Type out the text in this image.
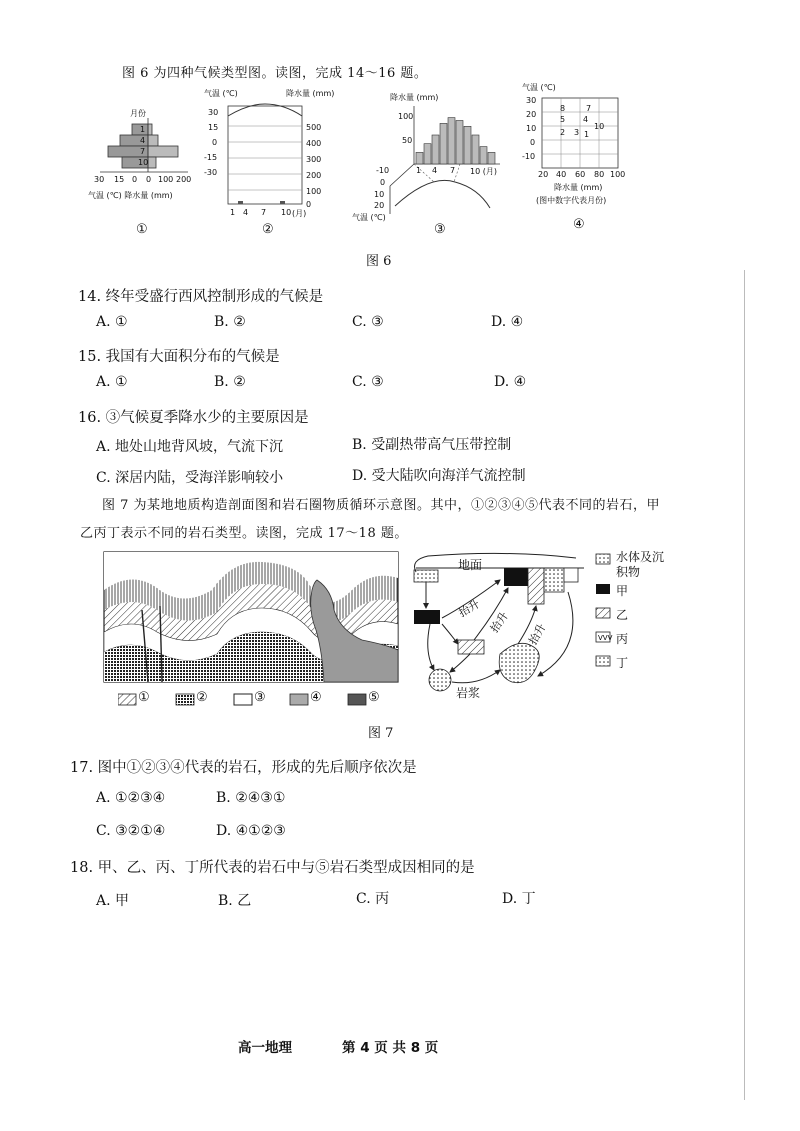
图 6 为四种气候类型图。读图，完成 14～16 题。
月份
1
4
7
10
30 15 0 0 100 200
气温 (℃) 降水量 (mm)
①
气温 (℃)	降水量 (mm)
30
15
0
-15
-30
500
400
300
200
100
0
1 4 7 10 (月)
②
降水量 (mm)
100
50
1 4 7 10 (月)
-10
0
10
20
气温 (℃)
③
气温 (℃)
30
20
10
0
-10
8	7
5 4
10
2 3 1
20 40 60 80 100
降水量 (mm)
(图中数字代表月份)
④
图 6
14. 终年受盛行西风控制形成的气候是
A. ①	B. ②	C. ③	D. ④
15. 我国有大面积分布的气候是
A. ①	B. ②	C. ③	D. ④
16. ③气候夏季降水少的主要原因是
A. 地处山地背风坡，气流下沉	B. 受副热带高气压带控制
C. 深居内陆，受海洋影响较小	D. 受大陆吹向海洋气流控制
图 7 为某地地质构造剖面图和岩石圈物质循环示意图。其中，①②③④⑤代表不同的岩石，甲
乙丙丁表示不同的岩石类型。读图，完成 17～18 题。
①	②	③	④	⑤
地面
抬升
抬升 抬升
岩浆
VVV
水体及沉积物
甲
乙
丙
丁
图 7
17. 图中①②③④代表的岩石，形成的先后顺序依次是
A. ①②③④	B. ②④③①
C. ③②①④	D. ④①②③
18. 甲、乙、丙、丁所代表的岩石中与⑤岩石类型成因相同的是
A. 甲	B. 乙	C. 丙	D. 丁
高一地理	第 4 页 共 8 页
